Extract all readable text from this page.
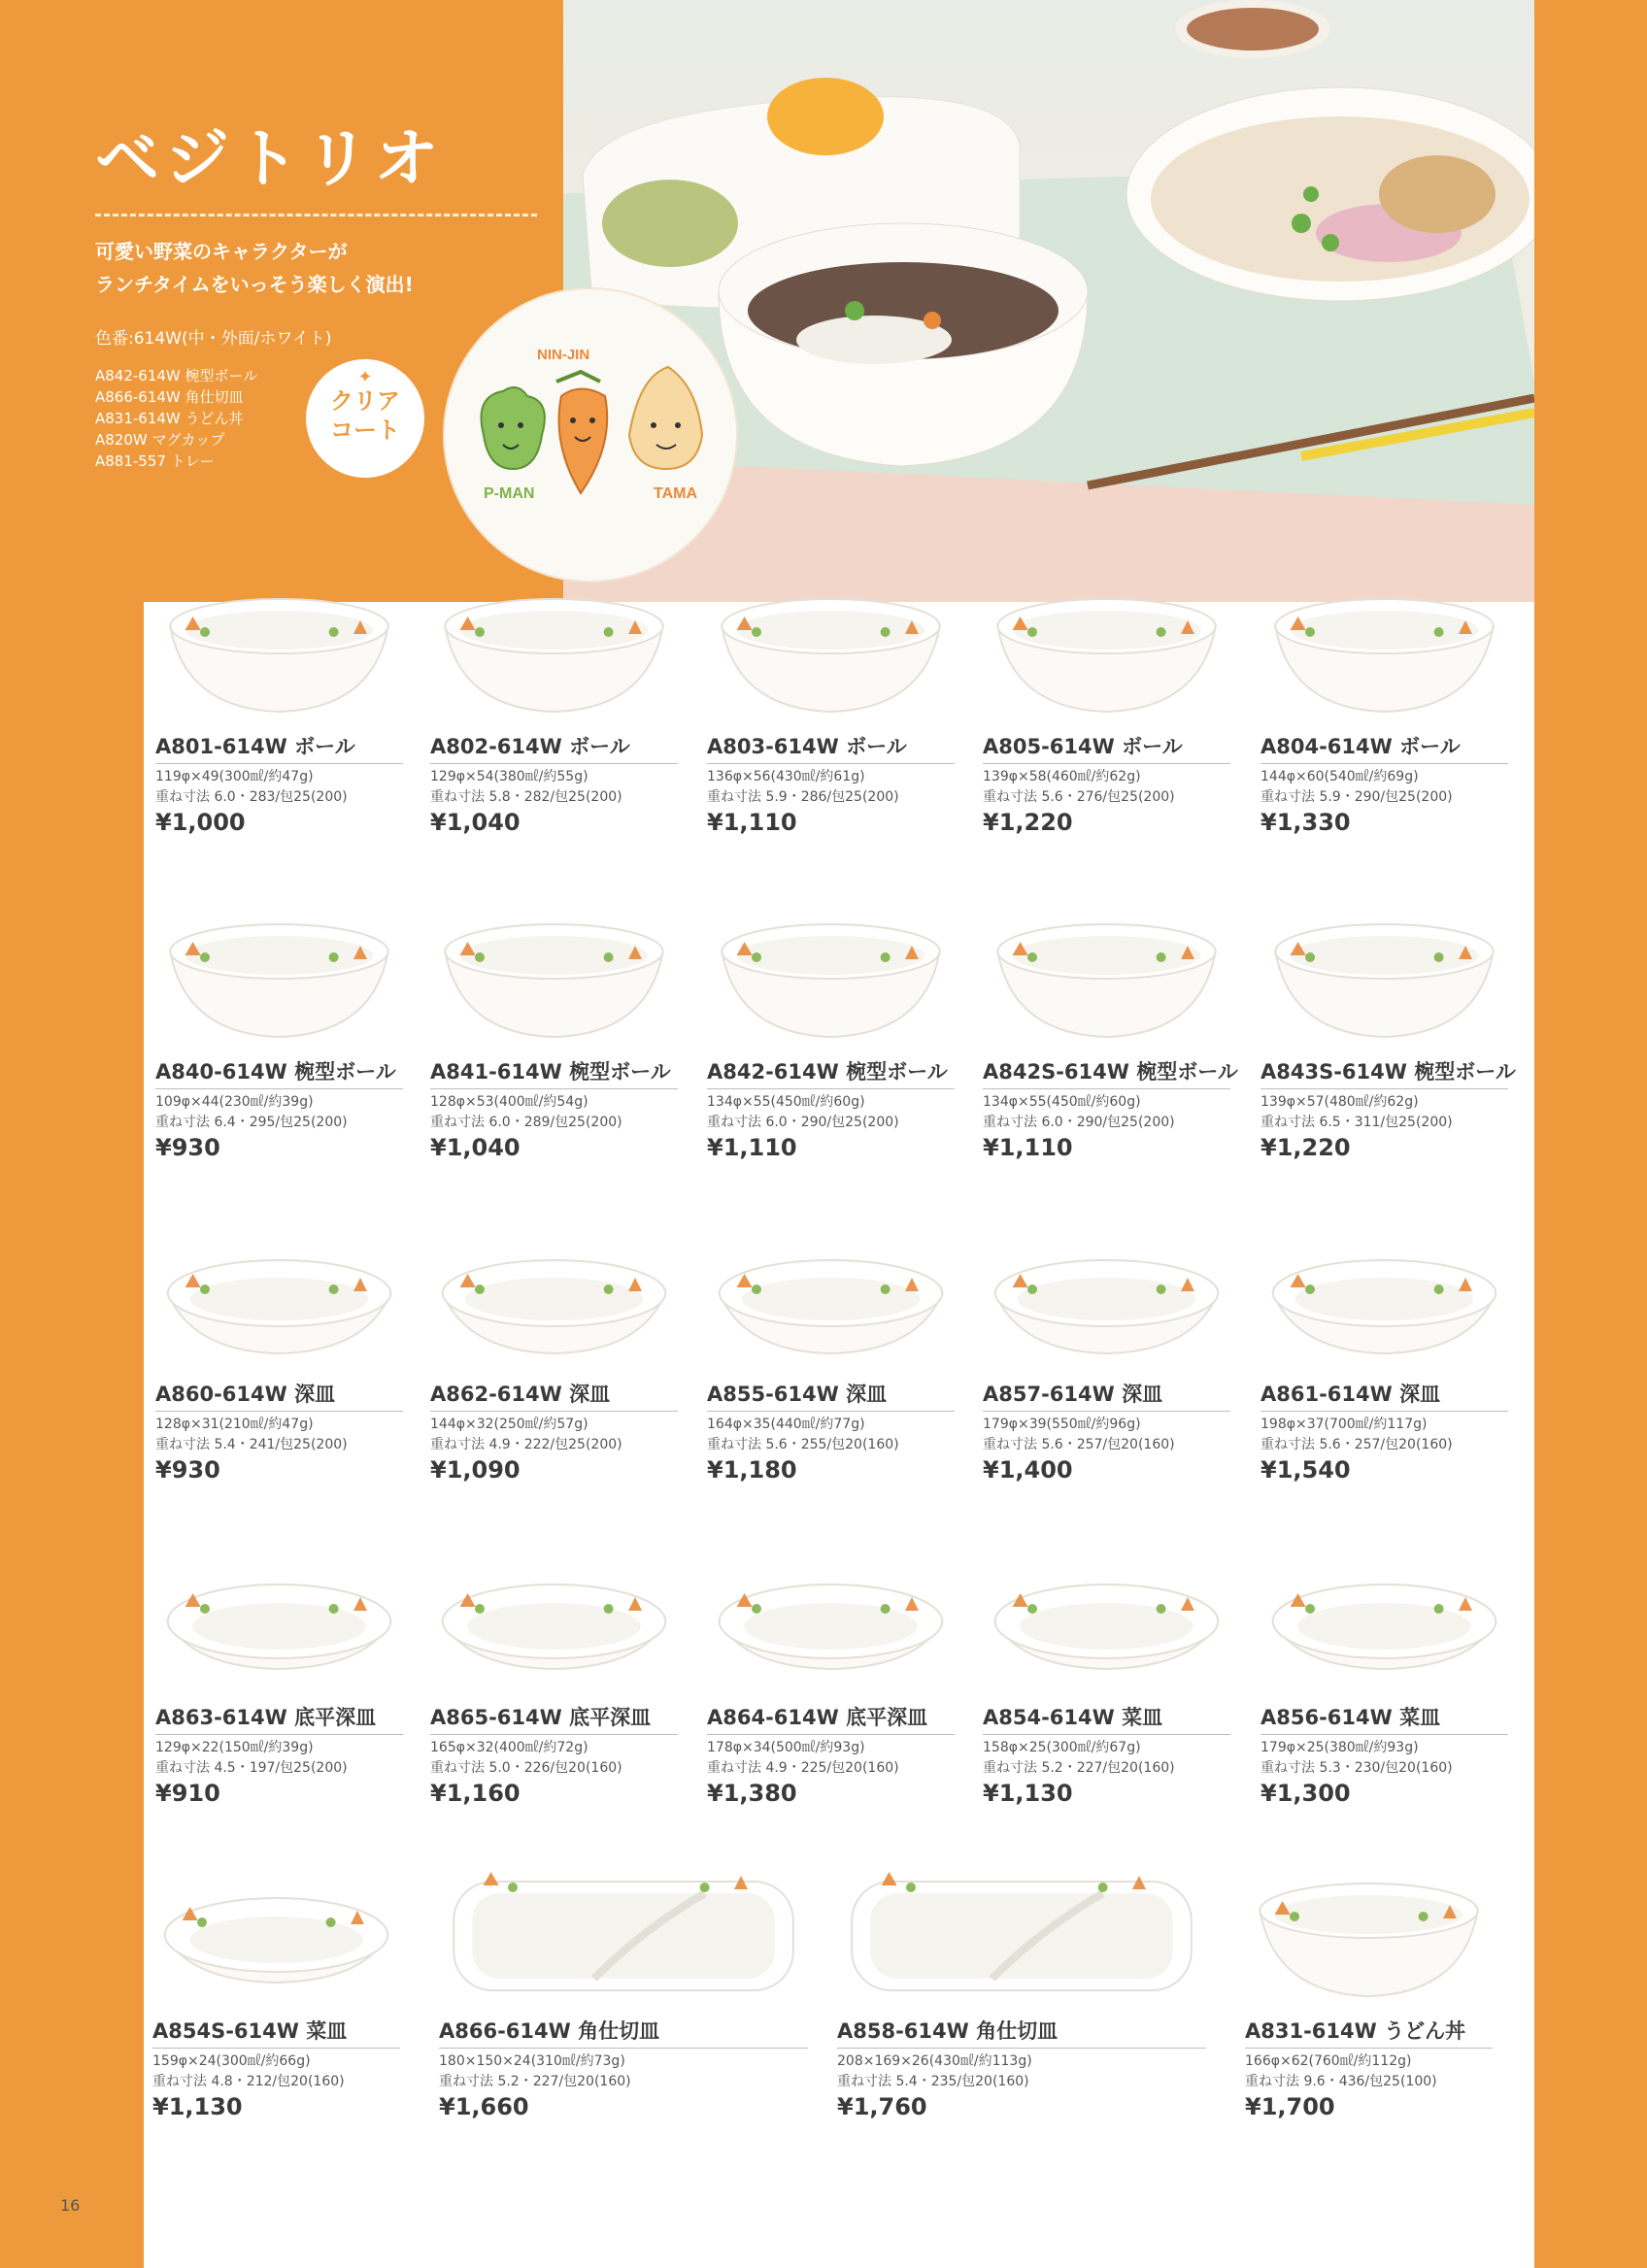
ベジトリオ
可愛い野菜のキャラクターが
ランチタイムをいっそう楽しく演出!
色番:614W(中・外面/ホワイト)
A842-614W 椀型ボール
A866-614W 角仕切皿
A831-614W うどん丼
A820W マグカップ
A881-557 トレー
✦
クリア
コート
P-MAN
NIN-JIN
TAMA
A801-614W ボール
119φ×49(300㎖/約47g)
重ね寸法 6.0・283/包25(200)
¥1,000
A802-614W ボール
129φ×54(380㎖/約55g)
重ね寸法 5.8・282/包25(200)
¥1,040
A803-614W ボール
136φ×56(430㎖/約61g)
重ね寸法 5.9・286/包25(200)
¥1,110
A805-614W ボール
139φ×58(460㎖/約62g)
重ね寸法 5.6・276/包25(200)
¥1,220
A804-614W ボール
144φ×60(540㎖/約69g)
重ね寸法 5.9・290/包25(200)
¥1,330
A840-614W 椀型ボール
109φ×44(230㎖/約39g)
重ね寸法 6.4・295/包25(200)
¥930
A841-614W 椀型ボール
128φ×53(400㎖/約54g)
重ね寸法 6.0・289/包25(200)
¥1,040
A842-614W 椀型ボール
134φ×55(450㎖/約60g)
重ね寸法 6.0・290/包25(200)
¥1,110
A842S-614W 椀型ボール
134φ×55(450㎖/約60g)
重ね寸法 6.0・290/包25(200)
¥1,110
A843S-614W 椀型ボール
139φ×57(480㎖/約62g)
重ね寸法 6.5・311/包25(200)
¥1,220
A860-614W 深皿
128φ×31(210㎖/約47g)
重ね寸法 5.4・241/包25(200)
¥930
A862-614W 深皿
144φ×32(250㎖/約57g)
重ね寸法 4.9・222/包25(200)
¥1,090
A855-614W 深皿
164φ×35(440㎖/約77g)
重ね寸法 5.6・255/包20(160)
¥1,180
A857-614W 深皿
179φ×39(550㎖/約96g)
重ね寸法 5.6・257/包20(160)
¥1,400
A861-614W 深皿
198φ×37(700㎖/約117g)
重ね寸法 5.6・257/包20(160)
¥1,540
A863-614W 底平深皿
129φ×22(150㎖/約39g)
重ね寸法 4.5・197/包25(200)
¥910
A865-614W 底平深皿
165φ×32(400㎖/約72g)
重ね寸法 5.0・226/包20(160)
¥1,160
A864-614W 底平深皿
178φ×34(500㎖/約93g)
重ね寸法 4.9・225/包20(160)
¥1,380
A854-614W 菜皿
158φ×25(300㎖/約67g)
重ね寸法 5.2・227/包20(160)
¥1,130
A856-614W 菜皿
179φ×25(380㎖/約93g)
重ね寸法 5.3・230/包20(160)
¥1,300
A854S-614W 菜皿
159φ×24(300㎖/約66g)
重ね寸法 4.8・212/包20(160)
¥1,130
A866-614W 角仕切皿
180×150×24(310㎖/約73g)
重ね寸法 5.2・227/包20(160)
¥1,660
A858-614W 角仕切皿
208×169×26(430㎖/約113g)
重ね寸法 5.4・235/包20(160)
¥1,760
A831-614W うどん丼
166φ×62(760㎖/約112g)
重ね寸法 9.6・436/包25(100)
¥1,700
16
